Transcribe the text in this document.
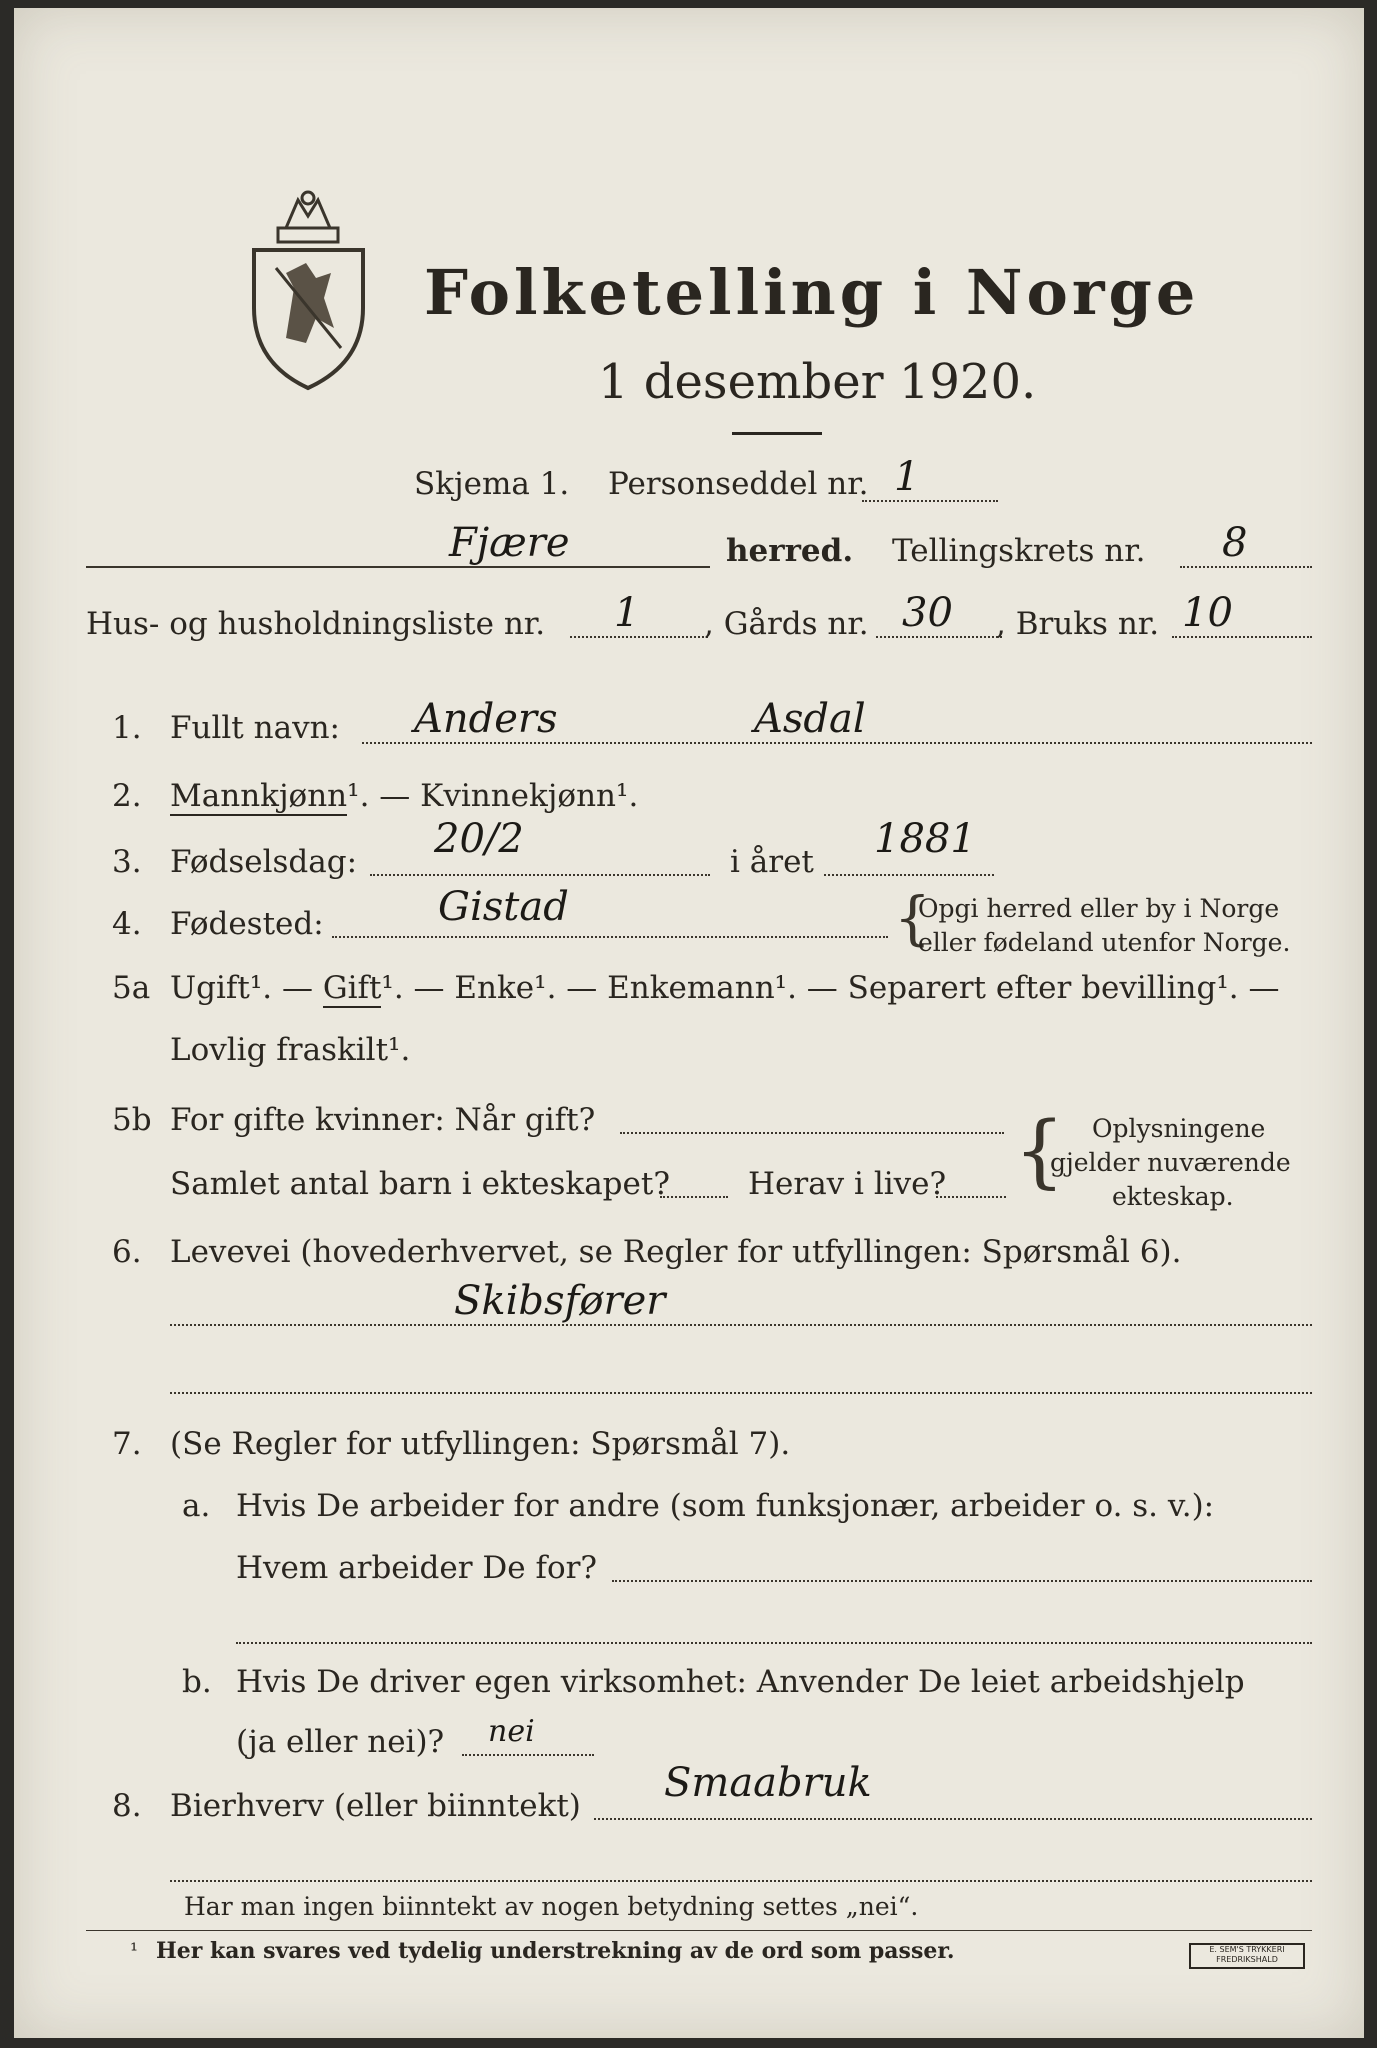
Folketelling i Norge
1 desember 1920.
Skjema 1. Personseddel nr. 1
Fjære	herred. Tellingskrets nr. 8
Hus- og husholdningsliste nr. 1 , Gårds nr. 30 , Bruks nr. 10
1. Fullt navn: Anders	Asdal
2. Mannkjønn¹. — Kvinnekjønn¹.
3. Fødselsdag: 20/2	i året 1881
4. Fødested:	Gistad	{
Opgi herred eller by i Norge
eller fødeland utenfor Norge.
5a Ugift¹. — Gift¹. — Enke¹. — Enkemann¹. — Separert efter bevilling¹. —
Lovlig fraskilt¹.
5b For gifte kvinner: Når gift?
Samlet antal barn i ekteskapet?	Herav i live? { Oplysningene
gjelder nuværende
ekteskap.
6. Levevei (hovederhvervet, se Regler for utfyllingen: Spørsmål 6).
Skibsfører
7. (Se Regler for utfyllingen: Spørsmål 7).
a. Hvis De arbeider for andre (som funksjonær, arbeider o. s. v.):
Hvem arbeider De for?
b. Hvis De driver egen virksomhet: Anvender De leiet arbeidshjelp
(ja eller nei)? nei
8. Bierhverv (eller biinntekt) Smaabruk
Har man ingen biinntekt av nogen betydning settes „nei“.
¹ Her kan svares ved tydelig understrekning av de ord som passer.	E. SEM'S TRYKKERI FREDRIKSHALD
